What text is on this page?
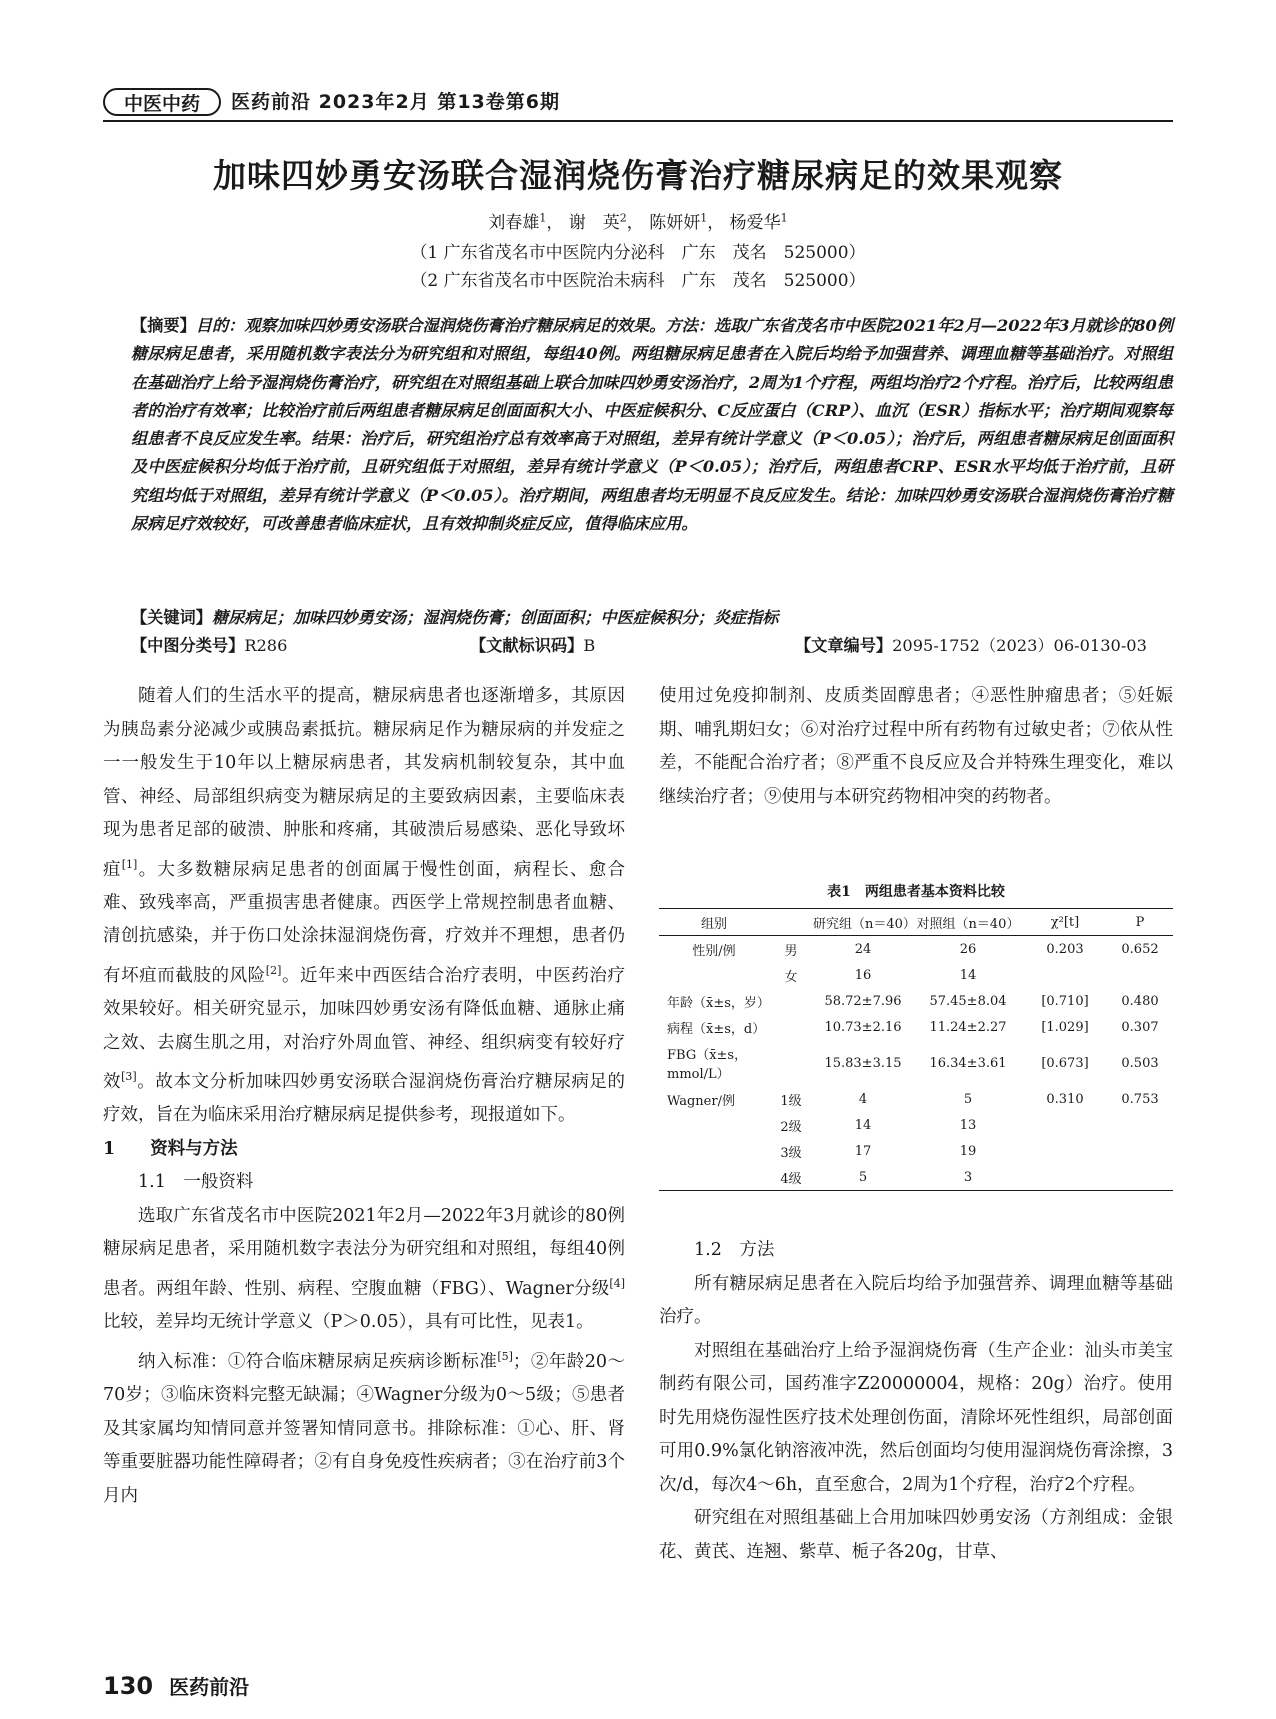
中医中药	医药前沿 2023年2月 第13卷第6期
加味四妙勇安汤联合湿润烧伤膏治疗糖尿病足的效果观察
刘春雄$^1$， 谢　英$^2$， 陈妍妍$^1$， 杨爱华$^1$
（1 广东省茂名市中医院内分泌科　广东　茂名　525000）
（2 广东省茂名市中医院治未病科　广东　茂名　525000）
【摘要】目的：观察加味四妙勇安汤联合湿润烧伤膏治疗糖尿病足的效果。方法：选取广东省茂名市中医院2021年2月—2022年3月就诊的80例糖尿病足患者，采用随机数字表法分为研究组和对照组，每组40例。两组糖尿病足患者在入院后均给予加强营养、调理血糖等基础治疗。对照组在基础治疗上给予湿润烧伤膏治疗，研究组在对照组基础上联合加味四妙勇安汤治疗，2周为1个疗程，两组均治疗2个疗程。治疗后，比较两组患者的治疗有效率；比较治疗前后两组患者糖尿病足创面面积大小、中医症候积分、C反应蛋白（CRP）、血沉（ESR）指标水平；治疗期间观察每组患者不良反应发生率。结果：治疗后，研究组治疗总有效率高于对照组，差异有统计学意义（P＜0.05）；治疗后，两组患者糖尿病足创面面积及中医症候积分均低于治疗前，且研究组低于对照组，差异有统计学意义（P＜0.05）；治疗后，两组患者CRP、ESR水平均低于治疗前，且研究组均低于对照组，差异有统计学意义（P＜0.05）。治疗期间，两组患者均无明显不良反应发生。结论：加味四妙勇安汤联合湿润烧伤膏治疗糖尿病足疗效较好，可改善患者临床症状，且有效抑制炎症反应，值得临床应用。
【关键词】糖尿病足；加味四妙勇安汤；湿润烧伤膏；创面面积；中医症候积分；炎症指标
【中图分类号】R286	【文献标识码】B	【文章编号】2095-1752（2023）06-0130-03

随着人们的生活水平的提高，糖尿病患者也逐渐增多，其原因为胰岛素分泌减少或胰岛素抵抗。糖尿病足作为糖尿病的并发症之一一般发生于10年以上糖尿病患者，其发病机制较复杂，其中血管、神经、局部组织病变为糖尿病足的主要致病因素，主要临床表现为患者足部的破溃、肿胀和疼痛，其破溃后易感染、恶化导致坏疽[1]。大多数糖尿病足患者的创面属于慢性创面，病程长、愈合难、致残率高，严重损害患者健康。西医学上常规控制患者血糖、清创抗感染，并于伤口处涂抹湿润烧伤膏，疗效并不理想，患者仍有坏疽而截肢的风险[2]。近年来中西医结合治疗表明，中医药治疗效果较好。相关研究显示，加味四妙勇安汤有降低血糖、通脉止痛之效、去腐生肌之用，对治疗外周血管、神经、组织病变有较好疗效[3]。故本文分析加味四妙勇安汤联合湿润烧伤膏治疗糖尿病足的疗效，旨在为临床采用治疗糖尿病足提供参考，现报道如下。

1　　 资料与方法
1.1　 一般资料

选取广东省茂名市中医院2021年2月—2022年3月就诊的80例糖尿病足患者，采用随机数字表法分为研究组和对照组，每组40例患者。两组年龄、性别、病程、空腹血糖（FBG）、Wagner分级[4]比较，差异均无统计学意义（P＞0.05），具有可比性，见表1。

纳入标准：①符合临床糖尿病足疾病诊断标准[5]；②年龄20～70岁；③临床资料完整无缺漏；④Wagner分级为0～5级；⑤患者及其家属均知情同意并签署知情同意书。排除标准：①心、肝、肾等重要脏器功能性障碍者；②有自身免疫性疾病者；③在治疗前3个月内

使用过免疫抑制剂、皮质类固醇患者；④恶性肿瘤患者；⑤妊娠期、哺乳期妇女；⑥对治疗过程中所有药物有过敏史者；⑦依从性差，不能配合治疗者；⑧严重不良反应及合并特殊生理变化，难以继续治疗者；⑨使用与本研究药物相冲突的药物者。

表1　两组患者基本资料比较
组别		研究组（n＝40）	对照组（n＝40）	χ²[t]	P
性别/例	男	24	26	0.203	0.652
	女	16	14		
年龄（x̄±s，岁）		58.72±7.96	57.45±8.04	[0.710]	0.480
病程（x̄±s，d）		10.73±2.16	11.24±2.27	[1.029]	0.307
FBG（x̄±s，mmol/L）		15.83±3.15	16.34±3.61	[0.673]	0.503
Wagner/例	1级	4	5	0.310	0.753
	2级	14	13		
	3级	17	19		
	4级	5	3		
1.2　 方法

所有糖尿病足患者在入院后均给予加强营养、调理血糖等基础治疗。

对照组在基础治疗上给予湿润烧伤膏（生产企业：汕头市美宝制药有限公司，国药准字Z20000004，规格：20g）治疗。使用时先用烧伤湿性医疗技术处理创伤面，清除坏死性组织，局部创面可用0.9%氯化钠溶液冲洗，然后创面均匀使用湿润烧伤膏涂擦，3次/d，每次4～6h，直至愈合，2周为1个疗程，治疗2个疗程。

研究组在对照组基础上合用加味四妙勇安汤（方剂组成：金银花、黄芪、连翘、紫草、栀子各20g，甘草、

130 医药前沿
